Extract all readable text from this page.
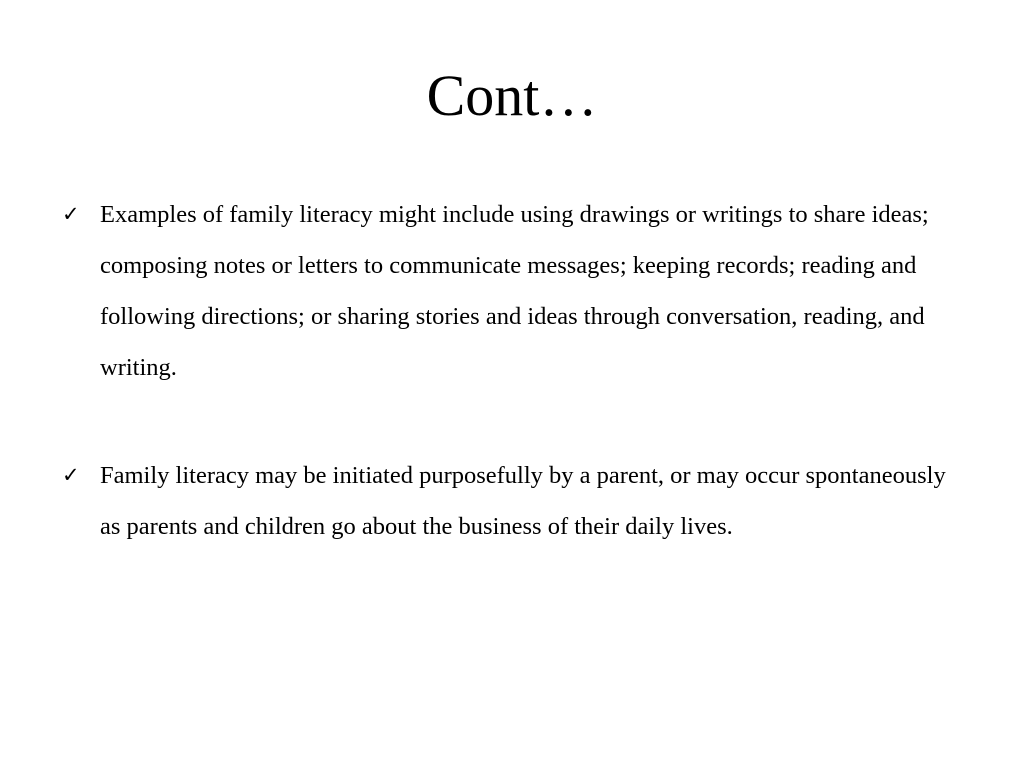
Cont…
✓ Examples of family literacy might include using drawings or writings to share ideas; composing notes or letters to communicate messages; keeping records; reading and following directions; or sharing stories and ideas through conversation, reading, and writing.
✓ Family literacy may be initiated purposefully by a parent, or may occur spontaneously as parents and children go about the business of their daily lives.
